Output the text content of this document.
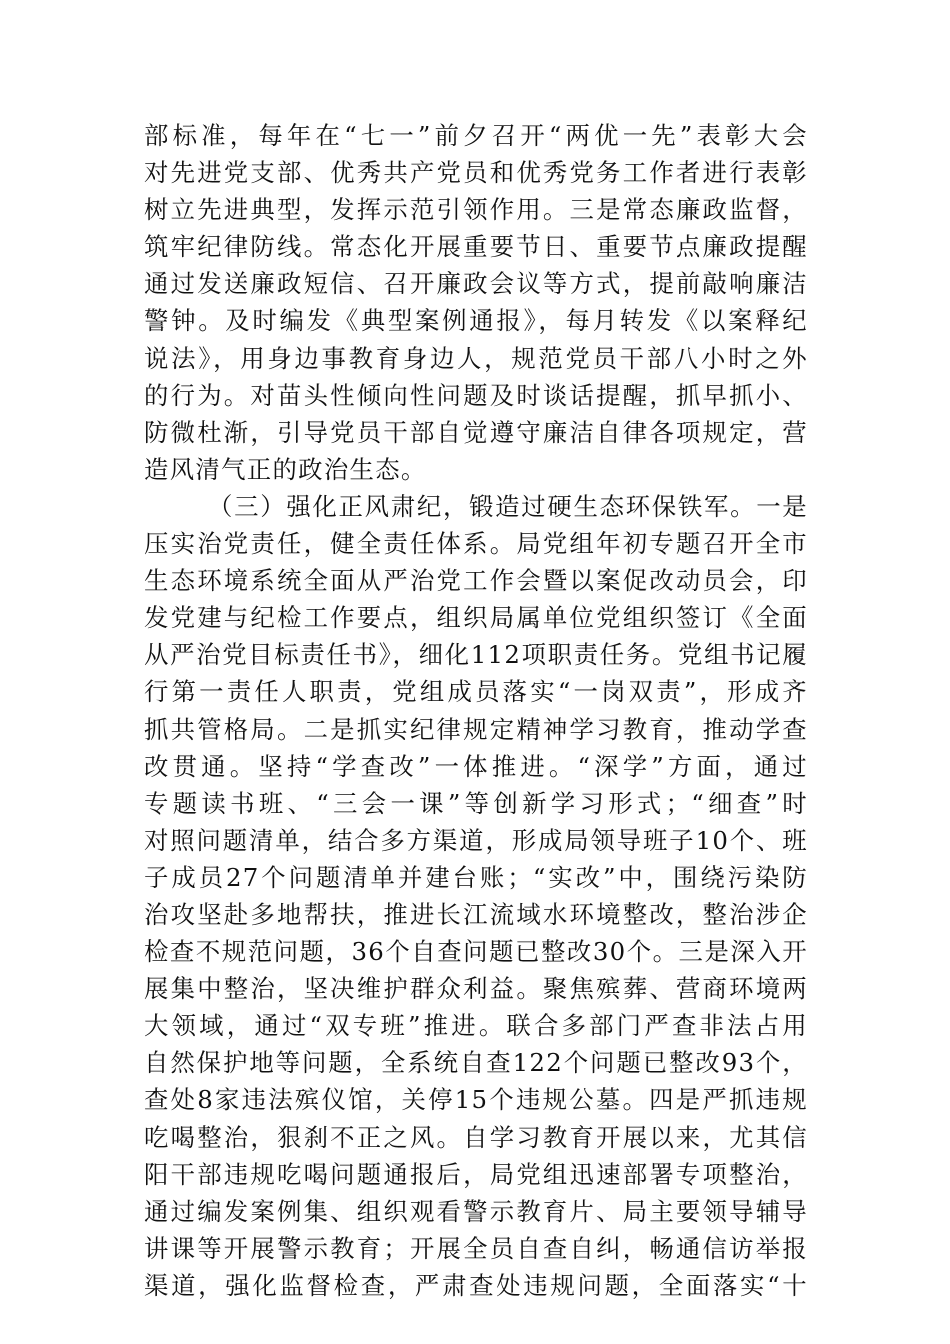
部标准，每年在“七一”前夕召开“两优一先”表彰大会
对先进党支部、优秀共产党员和优秀党务工作者进行表彰
树立先进典型，发挥示范引领作用。三是常态廉政监督，
筑牢纪律防线。常态化开展重要节日、重要节点廉政提醒
通过发送廉政短信、召开廉政会议等方式，提前敲响廉洁
警钟。及时编发《典型案例通报》，每月转发《以案释纪
说法》，用身边事教育身边人，规范党员干部八小时之外
的行为。对苗头性倾向性问题及时谈话提醒，抓早抓小、
防微杜渐，引导党员干部自觉遵守廉洁自律各项规定，营
造风清气正的政治生态。
（三）强化正风肃纪，锻造过硬生态环保铁军。一是
压实治党责任，健全责任体系。局党组年初专题召开全市
生态环境系统全面从严治党工作会暨以案促改动员会，印
发党建与纪检工作要点，组织局属单位党组织签订《全面
从严治党目标责任书》，细化112项职责任务。党组书记履
行第一责任人职责，党组成员落实“一岗双责”，形成齐
抓共管格局。二是抓实纪律规定精神学习教育，推动学查
改贯通。坚持“学查改”一体推进。“深学”方面，通过
专题读书班、“三会一课”等创新学习形式；“细查”时
对照问题清单，结合多方渠道，形成局领导班子10个、班
子成员27个问题清单并建台账；“实改”中，围绕污染防
治攻坚赴多地帮扶，推进长江流域水环境整改，整治涉企
检查不规范问题，36个自查问题已整改30个。三是深入开
展集中整治，坚决维护群众利益。聚焦殡葬、营商环境两
大领域，通过“双专班”推进。联合多部门严查非法占用
自然保护地等问题，全系统自查122个问题已整改93个，
查处8家违法殡仪馆，关停15个违规公墓。四是严抓违规
吃喝整治，狠刹不正之风。自学习教育开展以来，尤其信
阳干部违规吃喝问题通报后，局党组迅速部署专项整治，
通过编发案例集、组织观看警示教育片、局主要领导辅导
讲课等开展警示教育；开展全员自查自纠，畅通信访举报
渠道，强化监督检查，严肃查处违规问题，全面落实“十
